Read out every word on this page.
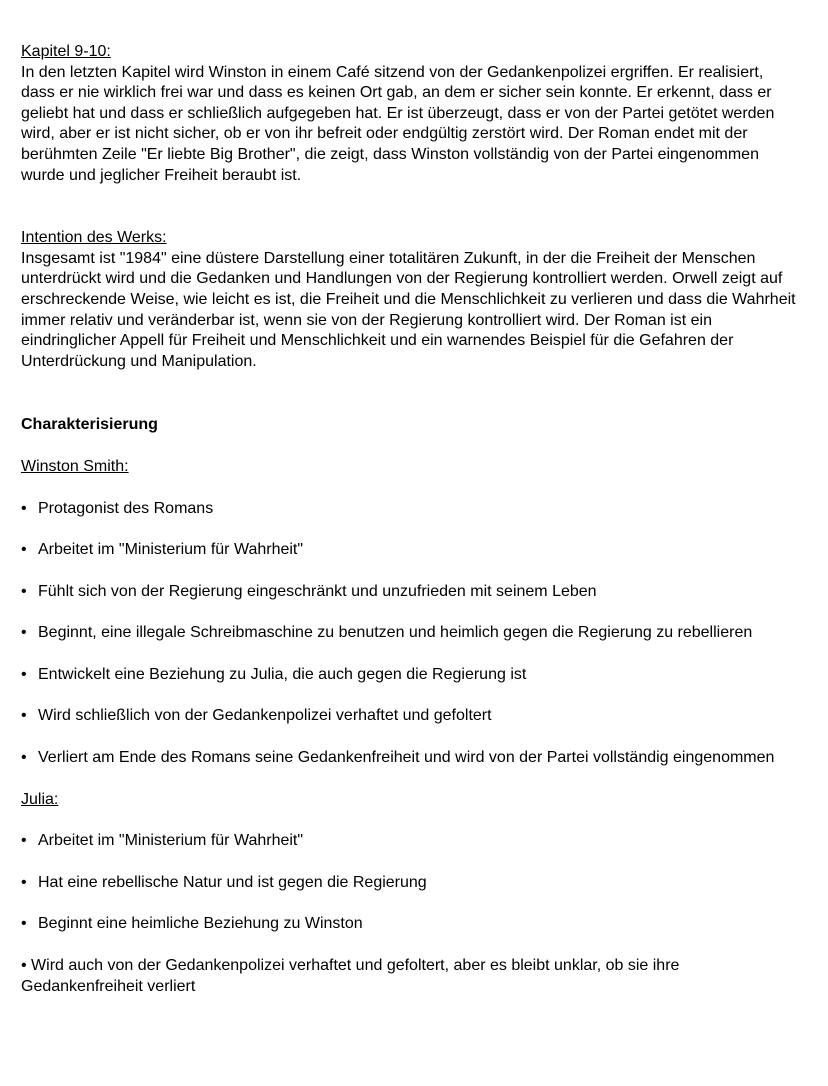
Kapitel 9-10:

In den letzten Kapitel wird Winston in einem Café sitzend von der Gedankenpolizei ergriffen. Er realisiert, dass er nie wirklich frei war und dass es keinen Ort gab, an dem er sicher sein konnte. Er erkennt, dass er geliebt hat und dass er schließlich aufgegeben hat. Er ist überzeugt, dass er von der Partei getötet werden wird, aber er ist nicht sicher, ob er von ihr befreit oder endgültig zerstört wird. Der Roman endet mit der berühmten Zeile "Er liebte Big Brother", die zeigt, dass Winston vollständig von der Partei eingenommen wurde und jeglicher Freiheit beraubt ist.

Intention des Werks:

Insgesamt ist "1984" eine düstere Darstellung einer totalitären Zukunft, in der die Freiheit der Menschen unterdrückt wird und die Gedanken und Handlungen von der Regierung kontrolliert werden. Orwell zeigt auf erschreckende Weise, wie leicht es ist, die Freiheit und die Menschlichkeit zu verlieren und dass die Wahrheit immer relativ und veränderbar ist, wenn sie von der Regierung kontrolliert wird. Der Roman ist ein eindringlicher Appell für Freiheit und Menschlichkeit und ein warnendes Beispiel für die Gefahren der Unterdrückung und Manipulation.

Charakterisierung

Winston Smith:

• Protagonist des Romans
• Arbeitet im "Ministerium für Wahrheit"
• Fühlt sich von der Regierung eingeschränkt und unzufrieden mit seinem Leben
• Beginnt, eine illegale Schreibmaschine zu benutzen und heimlich gegen die Regierung zu rebellieren
• Entwickelt eine Beziehung zu Julia, die auch gegen die Regierung ist
• Wird schließlich von der Gedankenpolizei verhaftet und gefoltert
• Verliert am Ende des Romans seine Gedankenfreiheit und wird von der Partei vollständig eingenommen

Julia:

• Arbeitet im "Ministerium für Wahrheit"
• Hat eine rebellische Natur und ist gegen die Regierung
• Beginnt eine heimliche Beziehung zu Winston
• Wird auch von der Gedankenpolizei verhaftet und gefoltert, aber es bleibt unklar, ob sie ihre Gedankenfreiheit verliert
